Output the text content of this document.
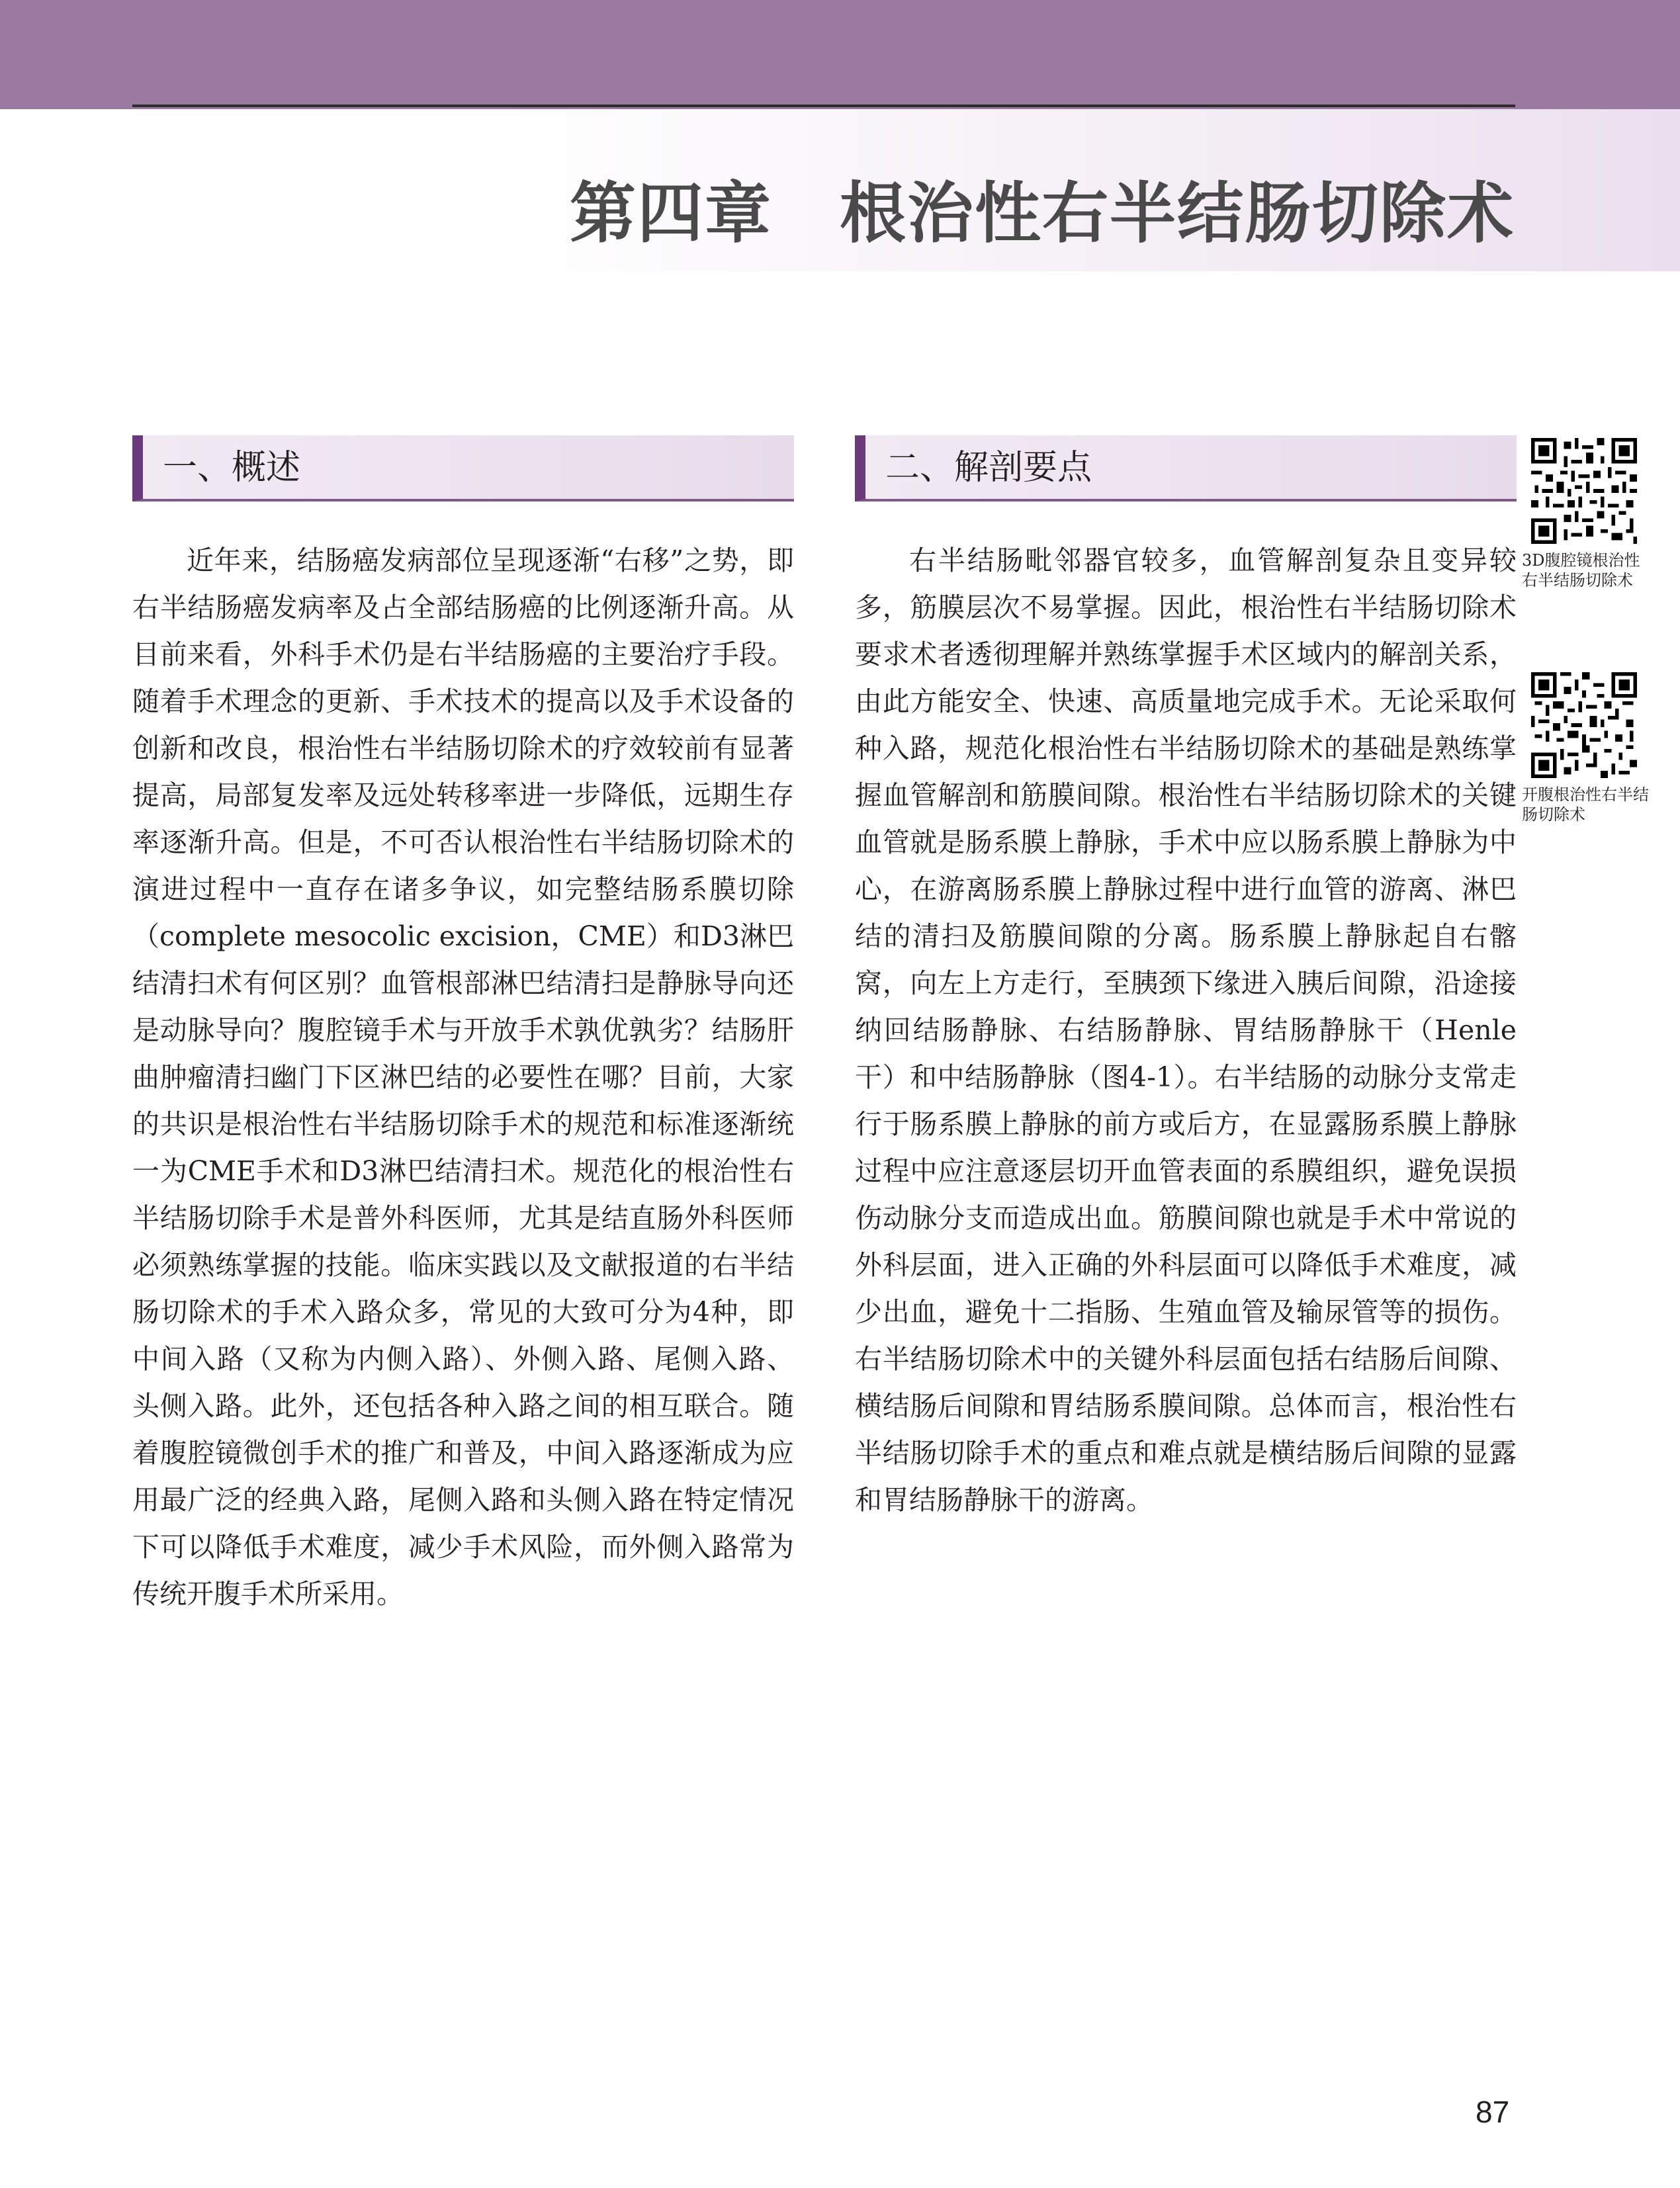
第四章　根治性右半结肠切除术
一、概述

近年来，结肠癌发病部位呈现逐渐“右移”之势，即右半结肠癌发病率及占全部结肠癌的比例逐渐升高。从目前来看，外科手术仍是右半结肠癌的主要治疗手段。随着手术理念的更新、手术技术的提高以及手术设备的创新和改良，根治性右半结肠切除术的疗效较前有显著提高，局部复发率及远处转移率进一步降低，远期生存率逐渐升高。但是，不可否认根治性右半结肠切除术的演进过程中一直存在诸多争议，如完整结肠系膜切除（complete mesocolic excision，CME）和D3淋巴结清扫术有何区别？血管根部淋巴结清扫是静脉导向还是动脉导向？腹腔镜手术与开放手术孰优孰劣？结肠肝曲肿瘤清扫幽门下区淋巴结的必要性在哪？目前，大家的共识是根治性右半结肠切除手术的规范和标准逐渐统一为CME手术和D3淋巴结清扫术。规范化的根治性右半结肠切除手术是普外科医师，尤其是结直肠外科医师必须熟练掌握的技能。临床实践以及文献报道的右半结肠切除术的手术入路众多，常见的大致可分为4种，即中间入路（又称为内侧入路）、外侧入路、尾侧入路、头侧入路。此外，还包括各种入路之间的相互联合。随着腹腔镜微创手术的推广和普及，中间入路逐渐成为应用最广泛的经典入路，尾侧入路和头侧入路在特定情况下可以降低手术难度，减少手术风险，而外侧入路常为传统开腹手术所采用。

二、解剖要点

右半结肠毗邻器官较多，血管解剖复杂且变异较多，筋膜层次不易掌握。因此，根治性右半结肠切除术要求术者透彻理解并熟练掌握手术区域内的解剖关系，由此方能安全、快速、高质量地完成手术。无论采取何种入路，规范化根治性右半结肠切除术的基础是熟练掌握血管解剖和筋膜间隙。根治性右半结肠切除术的关键血管就是肠系膜上静脉，手术中应以肠系膜上静脉为中心，在游离肠系膜上静脉过程中进行血管的游离、淋巴结的清扫及筋膜间隙的分离。肠系膜上静脉起自右髂窝，向左上方走行，至胰颈下缘进入胰后间隙，沿途接纳回结肠静脉、右结肠静脉、胃结肠静脉干（Henle干）和中结肠静脉（图4-1）。右半结肠的动脉分支常走行于肠系膜上静脉的前方或后方，在显露肠系膜上静脉过程中应注意逐层切开血管表面的系膜组织，避免误损伤动脉分支而造成出血。筋膜间隙也就是手术中常说的外科层面，进入正确的外科层面可以降低手术难度，减少出血，避免十二指肠、生殖血管及输尿管等的损伤。右半结肠切除术中的关键外科层面包括右结肠后间隙、横结肠后间隙和胃结肠系膜间隙。总体而言，根治性右半结肠切除手术的重点和难点就是横结肠后间隙的显露和胃结肠静脉干的游离。

3D腹腔镜根治性右半结肠切除术
开腹根治性右半结肠切除术
87
